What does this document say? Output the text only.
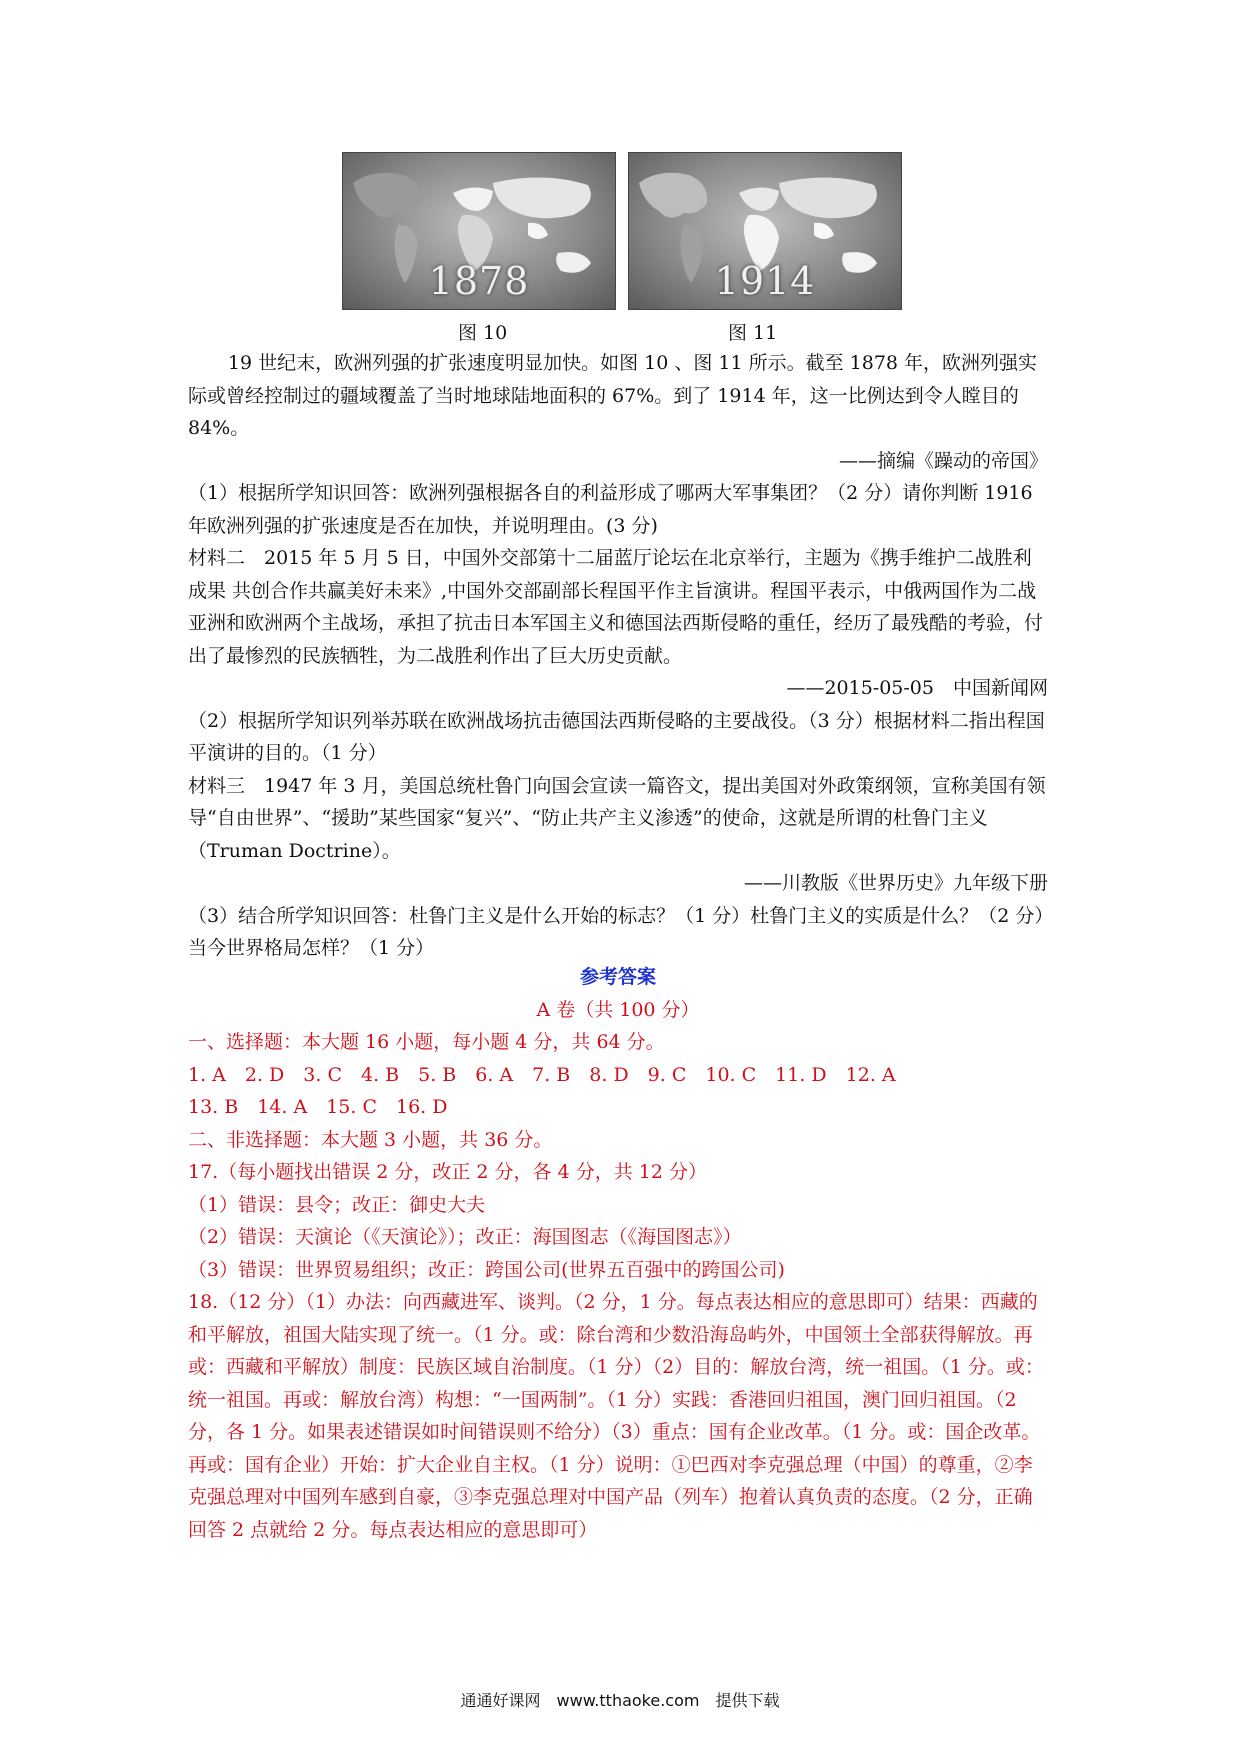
1878	1914
图 10	图 11

19 世纪末，欧洲列强的扩张速度明显加快。如图 10 、图 11 所示。截至 1878 年，欧洲列强实际或曾经控制过的疆域覆盖了当时地球陆地面积的 67%。到了 1914 年，这一比例达到令人瞠目的 84%。

——摘编《躁动的帝国》

（1）根据所学知识回答：欧洲列强根据各自的利益形成了哪两大军事集团？（2 分）请你判断 1916 年欧洲列强的扩张速度是否在加快，并说明理由。(3 分)

材料二　2015 年 5 月 5 日，中国外交部第十二届蓝厅论坛在北京举行，主题为《携手维护二战胜利成果 共创合作共赢美好未来》,中国外交部副部长程国平作主旨演讲。程国平表示，中俄两国作为二战亚洲和欧洲两个主战场，承担了抗击日本军国主义和德国法西斯侵略的重任，经历了最残酷的考验，付出了最惨烈的民族牺牲，为二战胜利作出了巨大历史贡献。

——2015-05-05　中国新闻网

（2）根据所学知识列举苏联在欧洲战场抗击德国法西斯侵略的主要战役。（3 分）根据材料二指出程国平演讲的目的。（1 分）

材料三　1947 年 3 月，美国总统杜鲁门向国会宣读一篇咨文，提出美国对外政策纲领，宣称美国有领导“自由世界”、“援助”某些国家“复兴”、“防止共产主义渗透”的使命，这就是所谓的杜鲁门主义（Truman Doctrine）。

——川教版《世界历史》九年级下册

（3）结合所学知识回答：杜鲁门主义是什么开始的标志？（1 分）杜鲁门主义的实质是什么？（2 分）当今世界格局怎样？（1 分）

参考答案

A 卷（共 100 分）

一、选择题：本大题 16 小题，每小题 4 分，共 64 分。

1. A　2. D　3. C　4. B　5. B　6. A　7. B　8. D　9. C　10. C　11. D　12. A

13. B　14. A　15. C　16. D

二、非选择题：本大题 3 小题，共 36 分。

17.（每小题找出错误 2 分，改正 2 分，各 4 分，共 12 分）

（1）错误：县令；改正：御史大夫

（2）错误：天演论（《天演论》）；改正：海国图志（《海国图志》）

（3）错误：世界贸易组织；改正：跨国公司(世界五百强中的跨国公司)

18.（12 分）（1）办法：向西藏进军、谈判。（2 分，1 分。每点表达相应的意思即可）结果：西藏的和平解放，祖国大陆实现了统一。（1 分。或：除台湾和少数沿海岛屿外，中国领土全部获得解放。再或：西藏和平解放）制度：民族区域自治制度。（1 分）（2）目的：解放台湾，统一祖国。（1 分。或：统一祖国。再或：解放台湾）构想：“一国两制”。（1 分）实践：香港回归祖国，澳门回归祖国。（2 分，各 1 分。如果表述错误如时间错误则不给分）（3）重点：国有企业改革。（1 分。或：国企改革。再或：国有企业）开始：扩大企业自主权。（1 分）说明：①巴西对李克强总理（中国）的尊重，②李克强总理对中国列车感到自豪，③李克强总理对中国产品（列车）抱着认真负责的态度。（2 分，正确回答 2 点就给 2 分。每点表达相应的意思即可）

通通好课网　www.tthaoke.com　提供下载
